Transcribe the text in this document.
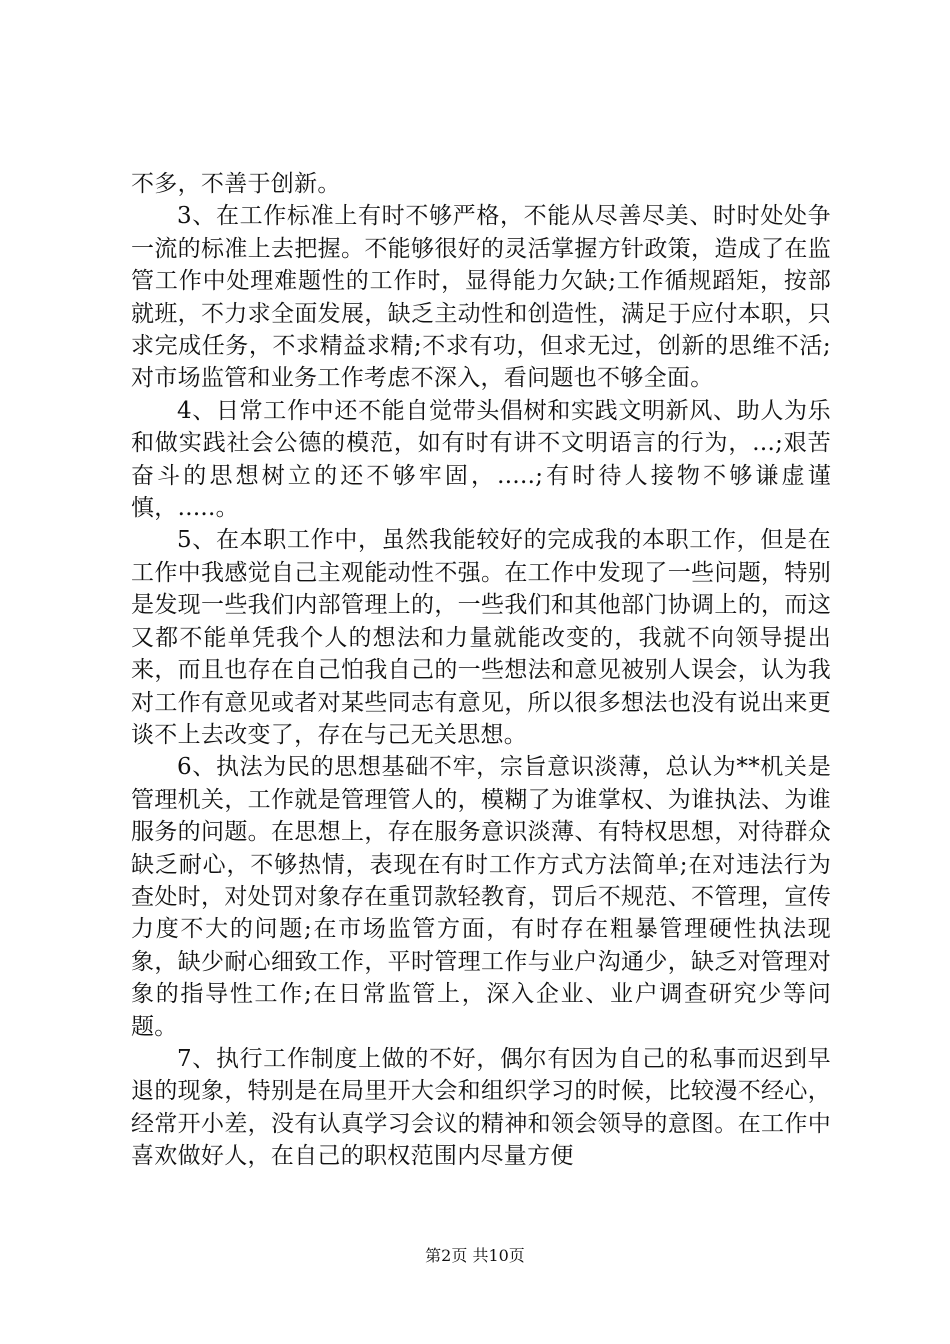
不多，不善于创新。

3、在工作标准上有时不够严格，不能从尽善尽美、时时处处争一流的标准上去把握。不能够很好的灵活掌握方针政策，造成了在监管工作中处理难题性的工作时，显得能力欠缺;工作循规蹈矩，按部就班，不力求全面发展，缺乏主动性和创造性，满足于应付本职，只求完成任务，不求精益求精;不求有功，但求无过，创新的思维不活;对市场监管和业务工作考虑不深入，看问题也不够全面。

4、日常工作中还不能自觉带头倡树和实践文明新风、助人为乐和做实践社会公德的模范，如有时有讲不文明语言的行为，...;艰苦奋斗的思想树立的还不够牢固，.....;有时待人接物不够谦虚谨慎，.....。

5、在本职工作中，虽然我能较好的完成我的本职工作，但是在工作中我感觉自己主观能动性不强。在工作中发现了一些问题，特别是发现一些我们内部管理上的，一些我们和其他部门协调上的，而这又都不能单凭我个人的想法和力量就能改变的，我就不向领导提出来，而且也存在自己怕我自己的一些想法和意见被别人误会，认为我对工作有意见或者对某些同志有意见，所以很多想法也没有说出来更谈不上去改变了，存在与己无关思想。

6、执法为民的思想基础不牢，宗旨意识淡薄，总认为**机关是管理机关，工作就是管理管人的，模糊了为谁掌权、为谁执法、为谁服务的问题。在思想上，存在服务意识淡薄、有特权思想，对待群众缺乏耐心，不够热情，表现在有时工作方式方法简单;在对违法行为查处时，对处罚对象存在重罚款轻教育，罚后不规范、不管理，宣传力度不大的问题;在市场监管方面，有时存在粗暴管理硬性执法现象，缺少耐心细致工作，平时管理工作与业户沟通少，缺乏对管理对象的指导性工作;在日常监管上，深入企业、业户调查研究少等问题。

7、执行工作制度上做的不好，偶尔有因为自己的私事而迟到早退的现象，特别是在局里开大会和组织学习的时候，比较漫不经心，经常开小差，没有认真学习会议的精神和领会领导的意图。在工作中喜欢做好人，在自己的职权范围内尽量方便

第2页 共10页
